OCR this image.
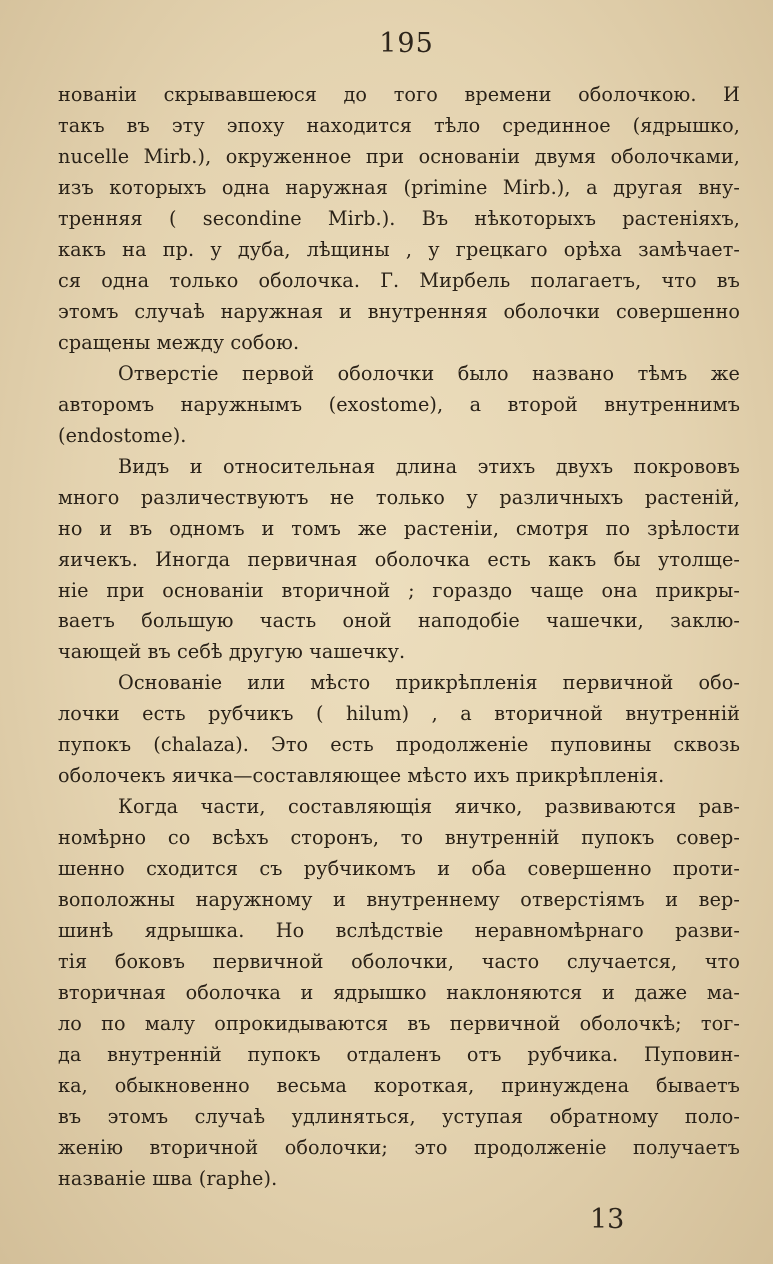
195
нованiи скрывавшеюся до того времени оболочкою. И
такъ въ эту эпоху находится тѣло срединное (ядрышко,
nucelle Mirb.), окруженное при основанiи двумя оболочками,
изъ которыхъ одна наружная (primine Mirb.), а другая вну-
тренняя ( secondine Mirb.). Въ нѣкоторыхъ растенiяхъ,
какъ на пр. у дуба, лѣщины , у грецкаго орѣха замѣчает-
ся одна только оболочка. Г. Мирбель полагаетъ, что въ
этомъ случаѣ наружная и внутренняя оболочки совершенно
сращены между собою.
Отверстiе первой оболочки было названо тѣмъ же
авторомъ наружнымъ (exostome), а второй внутреннимъ
(endostome).
Видъ и относительная длина этихъ двухъ покрововъ
много различествуютъ не только у различныхъ растенiй,
но и въ одномъ и томъ же растенiи, смотря по зрѣлости
яичекъ. Иногда первичная оболочка есть какъ бы утолще-
нiе при основанiи вторичной ; гораздо чаще она прикры-
ваетъ большую часть оной наподобiе чашечки, заклю-
чающей въ себѣ другую чашечку.
Основанiе или мѣсто прикрѣпленiя первичной обо-
лочки есть рубчикъ ( hilum) , а вторичной внутреннiй
пупокъ (chalaza). Это есть продолженiе пуповины сквозь
оболочекъ яичка—составляющее мѣсто ихъ прикрѣпленiя.
Когда части, составляющiя яичко, развиваются рав-
номѣрно со всѣхъ сторонъ, то внутреннiй пупокъ совер-
шенно сходится съ рубчикомъ и оба совершенно проти-
воположны наружному и внутреннему отверстiямъ и вер-
шинѣ ядрышка. Но вслѣдствiе неравномѣрнаго разви-
тiя боковъ первичной оболочки, часто случается, что
вторичная оболочка и ядрышко наклоняются и даже ма-
ло по малу опрокидываются въ первичной оболочкѣ; тог-
да внутреннiй пупокъ отдаленъ отъ рубчика. Пуповин-
ка, обыкновенно весьма короткая, принуждена бываетъ
въ этомъ случаѣ удлиняться, уступая обратному поло-
женiю вторичной оболочки; это продолженiе получаетъ
названiе шва (raphe).
13
